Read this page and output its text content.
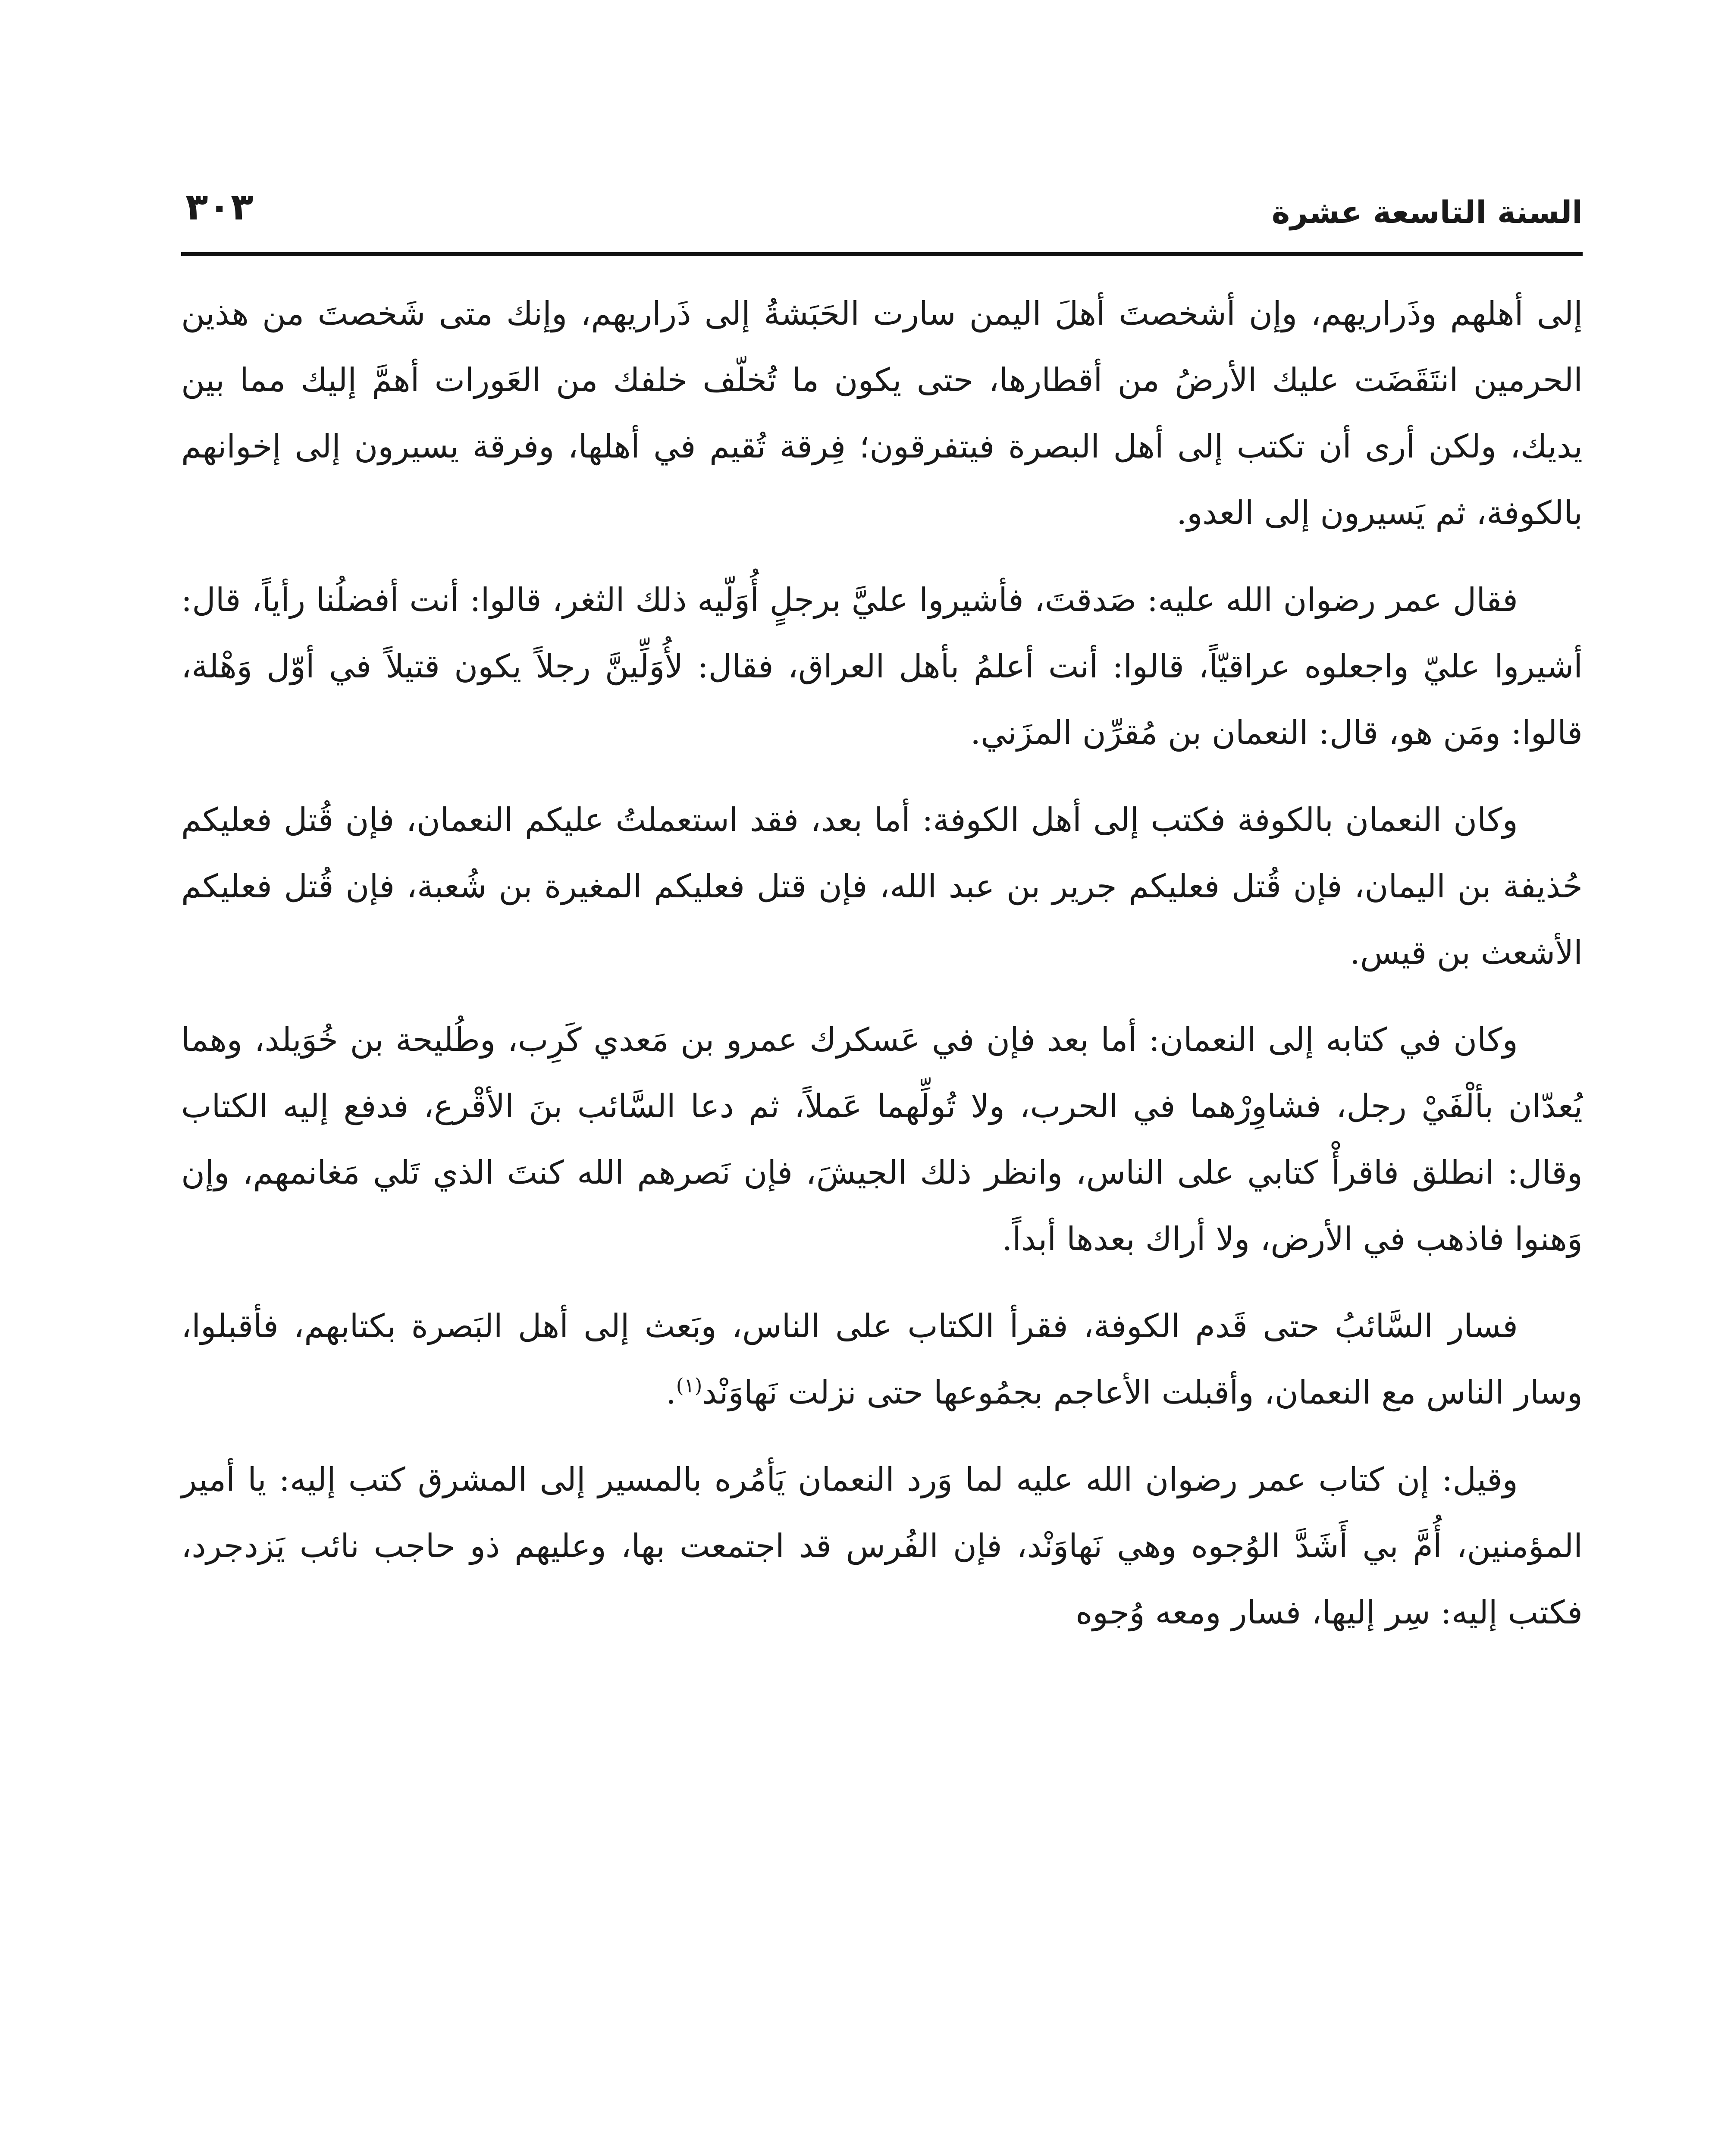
السنة التاسعة عشرة
٣٠٣

إلى أهلهم وذَراريهم، وإن أشخصتَ أهلَ اليمن سارت الحَبَشةُ إلى ذَراريهم، وإنك متى شَخصتَ من هذين الحرمين انتَقَضَت عليك الأرضُ من أقطارها، حتى يكون ما تُخلّف خلفك من العَورات أهمَّ إليك مما بين يديك، ولكن أرى أن تكتب إلى أهل البصرة فيتفرقون؛ فِرقة تُقيم في أهلها، وفرقة يسيرون إلى إخوانهم بالكوفة، ثم يَسيرون إلى العدو.

فقال عمر رضوان الله عليه: صَدقتَ، فأشيروا عليَّ برجلٍ أُوَلّيه ذلك الثغر، قالوا: أنت أفضلُنا رأياً، قال: أشيروا عليّ واجعلوه عراقيّاً، قالوا: أنت أعلمُ بأهل العراق، فقال: لأُوَلِّينَّ رجلاً يكون قتيلاً في أوّل وَهْلة، قالوا: ومَن هو، قال: النعمان بن مُقرِّن المزَني.

وكان النعمان بالكوفة فكتب إلى أهل الكوفة: أما بعد، فقد استعملتُ عليكم النعمان، فإن قُتل فعليكم حُذيفة بن اليمان، فإن قُتل فعليكم جرير بن عبد الله، فإن قتل فعليكم المغيرة بن شُعبة، فإن قُتل فعليكم الأشعث بن قيس.

وكان في كتابه إلى النعمان: أما بعد فإن في عَسكرك عمرو بن مَعدي كَرِب، وطُليحة بن خُوَيلد، وهما يُعدّان بألْفَيْ رجل، فشاوِرْهما في الحرب، ولا تُولِّهما عَملاً، ثم دعا السَّائب بنَ الأقْرع، فدفع إليه الكتاب وقال: انطلق فاقرأْ كتابي على الناس، وانظر ذلك الجيشَ، فإن نَصرهم الله كنتَ الذي تَلي مَغانمهم، وإن وَهنوا فاذهب في الأرض، ولا أراك بعدها أبداً.

فسار السَّائبُ حتى قَدم الكوفة، فقرأ الكتاب على الناس، وبَعث إلى أهل البَصرة بكتابهم، فأقبلوا، وسار الناس مع النعمان، وأقبلت الأعاجم بجمُوعها حتى نزلت نَهاوَنْد$^{(١)}$.

وقيل: إن كتاب عمر رضوان الله عليه لما وَرد النعمان يَأمُره بالمسير إلى المشرق كتب إليه: يا أمير المؤمنين، أُمَّ بي أَشَدَّ الوُجوه وهي نَهاوَنْد، فإن الفُرس قد اجتمعت بها، وعليهم ذو حاجب نائب يَزدجرد، فكتب إليه: سِر إليها، فسار ومعه وُجوه
